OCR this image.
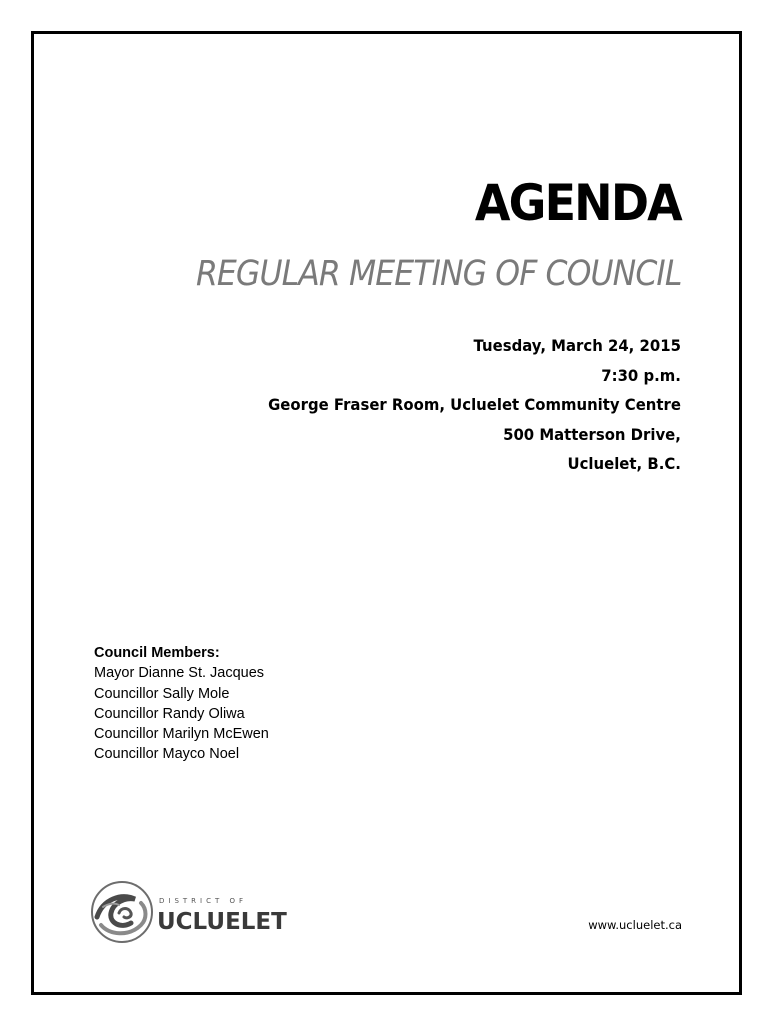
AGENDA
REGULAR MEETING OF COUNCIL
Tuesday, March 24, 2015
7:30 p.m.
George Fraser Room, Ucluelet Community Centre
500 Matterson Drive,
Ucluelet, B.C.
Council Members:
Mayor Dianne St. Jacques
Councillor Sally Mole
Councillor Randy Oliwa
Councillor Marilyn McEwen
Councillor Mayco Noel
DISTRICT OF
UCLUELET	www.ucluelet.ca
